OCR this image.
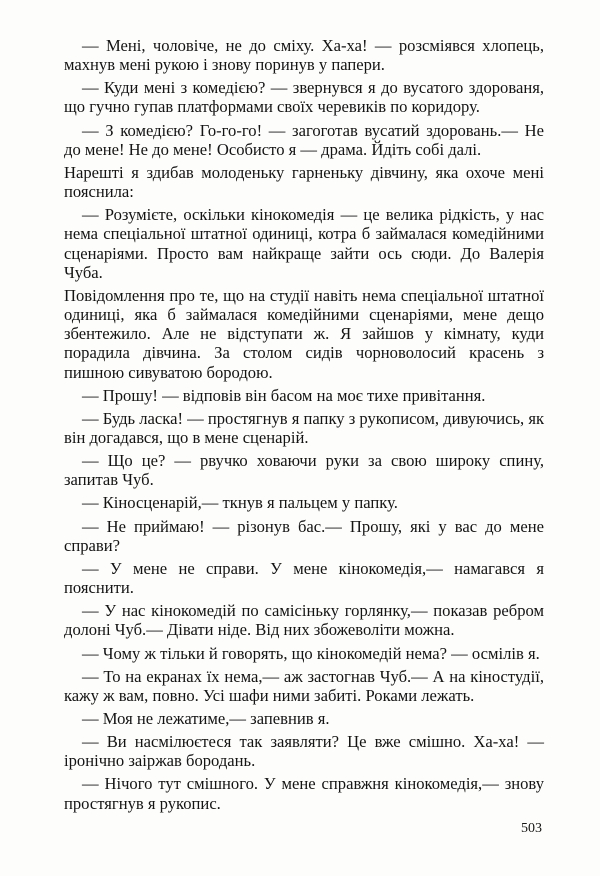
— Мені, чоловіче, не до сміху. Ха-ха! — розсміявся хлопець, махнув мені рукою і знову поринув у папери.

— Куди мені з комедією? — звернувся я до вусатого здорованя, що гучно гупав платформами своїх черевиків по коридору.

— З комедією? Го-го-го! — загоготав вусатий здоровань.— Не до мене! Не до мене! Особисто я — драма. Йдіть собі далі.

Нарешті я здибав молоденьку гарненьку дівчину, яка охоче мені пояснила:

— Розумієте, оскільки кінокомедія — це велика рідкість, у нас нема спеціальної штатної одиниці, котра б займалася комедійними сценаріями. Просто вам найкраще зайти ось сюди. До Валерія Чуба.

Повідомлення про те, що на студії навіть нема спеціальної штатної одиниці, яка б займалася комедійними сценаріями, мене дещо збентежило. Але не відступати ж. Я зайшов у кімнату, куди порадила дівчина. За столом сидів чорноволосий красень з пишною сивуватою бородою.

— Прошу! — відповів він басом на моє тихе привітання.

— Будь ласка! — простягнув я папку з рукописом, дивуючись, як він догадався, що в мене сценарій.

— Що це? — рвучко ховаючи руки за свою широку спину, запитав Чуб.

— Кіносценарій,— ткнув я пальцем у папку.

— Не приймаю! — різонув бас.— Прошу, які у вас до мене справи?

— У мене не справи. У мене кінокомедія,— намагався я пояснити.

— У нас кінокомедій по самісіньку горлянку,— показав ребром долоні Чуб.— Дівати ніде. Від них збожеволіти можна.

— Чому ж тільки й говорять, що кінокомедій нема? — осмілів я.

— То на екранах їх нема,— аж застогнав Чуб.— А на кіностудії, кажу ж вам, повно. Усі шафи ними забиті. Роками лежать.

— Моя не лежатиме,— запевнив я.

— Ви насмілюєтеся так заявляти? Це вже смішно. Ха-ха! — іронічно заіржав бородань.

— Нічого тут смішного. У мене справжня кінокомедія,— знову простягнув я рукопис.

503
